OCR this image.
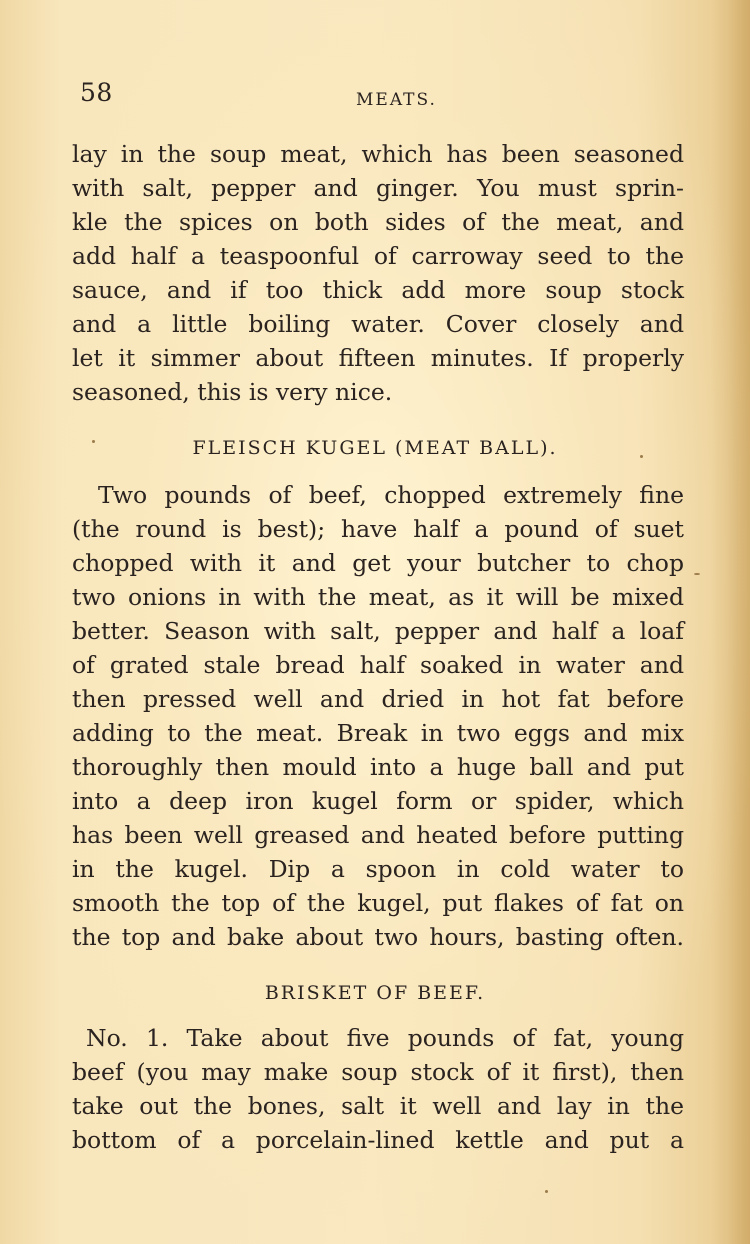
58	MEATS.
lay in the soup meat, which has been seasoned
with salt, pepper and ginger. You must sprin-
kle the spices on both sides of the meat, and
add half a teaspoonful of carroway seed to the
sauce, and if too thick add more soup stock
and a little boiling water. Cover closely and
let it simmer about fifteen minutes. If properly
seasoned, this is very nice.
FLEISCH KUGEL (MEAT BALL).
Two pounds of beef, chopped extremely fine
(the round is best); have half a pound of suet
chopped with it and get your butcher to chop
two onions in with the meat, as it will be mixed
better. Season with salt, pepper and half a loaf
of grated stale bread half soaked in water and
then pressed well and dried in hot fat before
adding to the meat. Break in two eggs and mix
thoroughly then mould into a huge ball and put
into a deep iron kugel form or spider, which
has been well greased and heated before putting
in the kugel. Dip a spoon in cold water to
smooth the top of the kugel, put flakes of fat on
the top and bake about two hours, basting often.
BRISKET OF BEEF.
No. 1. Take about five pounds of fat, young
beef (you may make soup stock of it first), then
take out the bones, salt it well and lay in the
bottom of a porcelain-lined kettle and put a
